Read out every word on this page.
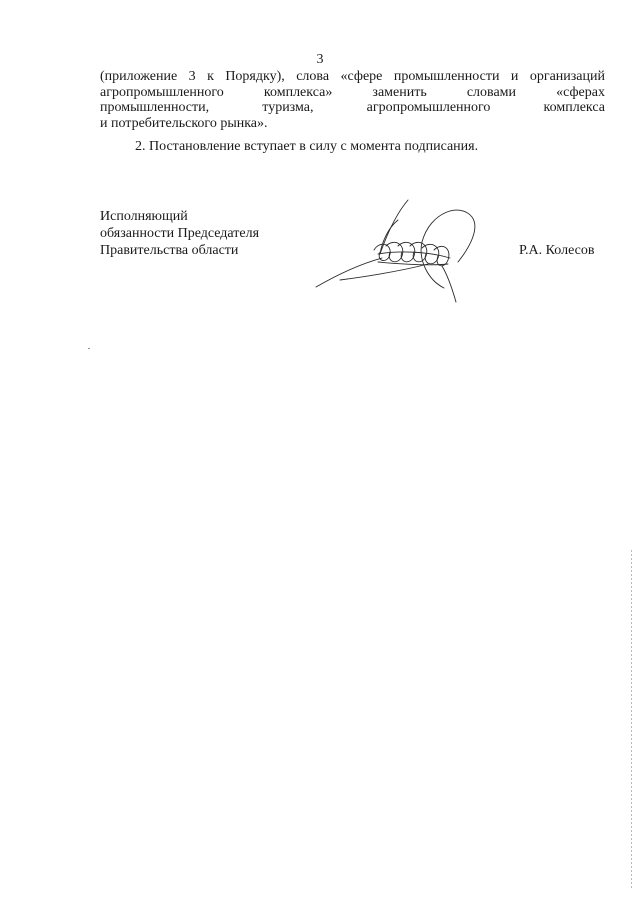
3
(приложение 3 к Порядку), слова «сфере промышленности и организаций
агропромышленного комплекса» заменить словами «сферах
промышленности, туризма, агропромышленного комплекса
и потребительского рынка».
2. Постановление вступает в силу с момента подписания.
Исполняющий
обязанности Председателя
Правительства области	Р.А. Колесов
